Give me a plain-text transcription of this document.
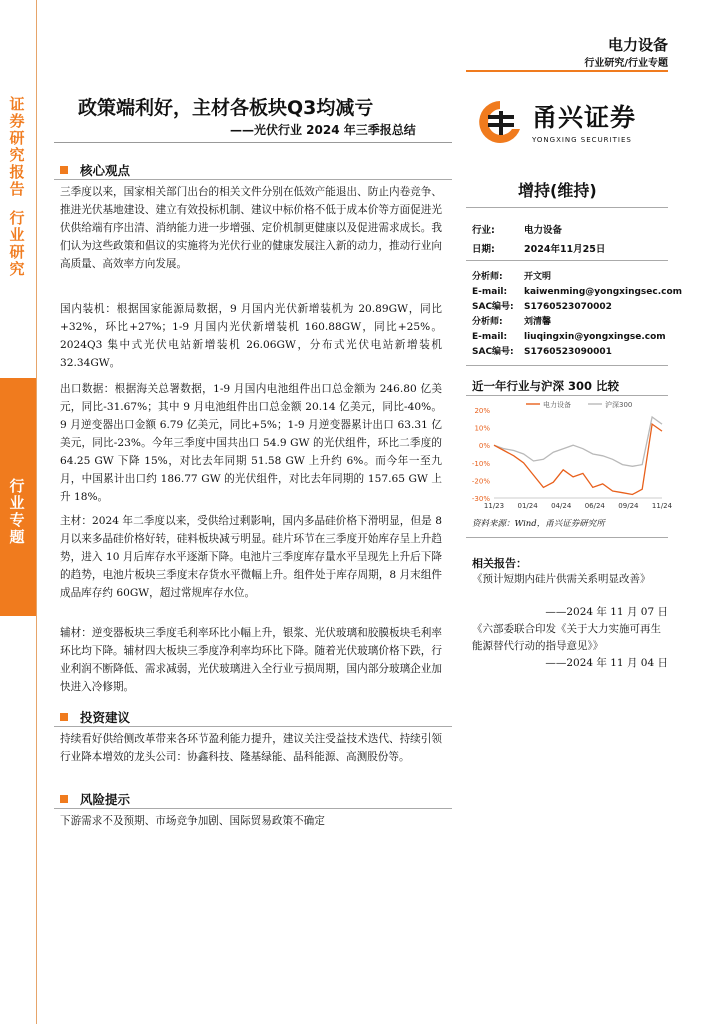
证券研究报告
行业研究
行业专题
电力设备
行业研究/行业专题
政策端利好，主材各板块Q3均减亏
——光伏行业 2024 年三季报总结	甬兴证券
YONGXING SECURITIES
增持(维持)
行业:	电力设备
日期:	2024年11月25日
分析师: 开文明
E-mail: kaiwenming@yongxingsec.com
SAC编号: S1760523070002
分析师: 刘清馨
E-mail: liuqingxin@yongxingse.com
SAC编号: S1760523090001
近一年行业与沪深 300 比较
20%
10%
0%
-10%
-20%
-30%
11/23 01/24 04/24 06/24 09/24 11/24
电力设备	沪深300
资料来源：Wind，甬兴证券研究所
相关报告：
《预计短期内硅片供需关系明显改善》
——2024 年 11 月 07 日
《六部委联合印发《关于大力实施可再生能源替代行动的指导意见》》
——2024 年 11 月 04 日
核心观点
三季度以来，国家相关部门出台的相关文件分别在低效产能退出、防止内卷竞争、推进光伏基地建设、建立有效投标机制、建议中标价格不低于成本价等方面促进光伏供给端有序出清、消纳能力进一步增强、定价机制更健康以及促进需求成长。我们认为这些政策和倡议的实施将为光伏行业的健康发展注入新的动力，推动行业向高质量、高效率方向发展。
国内装机：根据国家能源局数据，9 月国内光伏新增装机为 20.89GW，同比+32%，环比+27%；1-9 月国内光伏新增装机 160.88GW，同比+25%。2024Q3 集中式光伏电站新增装机 26.06GW，分布式光伏电站新增装机 32.34GW。
出口数据：根据海关总署数据，1-9 月国内电池组件出口总金额为 246.80 亿美元，同比-31.67%；其中 9 月电池组件出口总金额 20.14 亿美元，同比-40%。9 月逆变器出口金额 6.79 亿美元，同比+5%；1-9 月逆变器累计出口 63.31 亿美元，同比-23%。今年三季度中国共出口 54.9 GW 的光伏组件，环比二季度的 64.25 GW 下降 15%，对比去年同期 51.58 GW 上升约 6%。而今年一至九月，中国累计出口约 186.77 GW 的光伏组件，对比去年同期的 157.65 GW 上升 18%。
主材：2024 年二季度以来，受供给过剩影响，国内多晶硅价格下滑明显，但是 8 月以来多晶硅价格好转，硅料板块减亏明显。硅片环节在三季度开始库存呈上升趋势，进入 10 月后库存水平逐渐下降。电池片三季度库存量水平呈现先上升后下降的趋势，电池片板块三季度末存货水平微幅上升。组件处于库存周期，8 月末组件成品库存约 60GW，超过常规库存水位。
辅材：逆变器板块三季度毛利率环比小幅上升，银浆、光伏玻璃和胶膜板块毛利率环比均下降。辅材四大板块三季度净利率均环比下降。随着光伏玻璃价格下跌，行业利润不断降低、需求减弱，光伏玻璃进入全行业亏损周期，国内部分玻璃企业加快进入冷修期。
投资建议
持续看好供给侧改革带来各环节盈利能力提升，建议关注受益技术迭代、持续引领行业降本增效的龙头公司：协鑫科技、隆基绿能、晶科能源、高测股份等。
风险提示
下游需求不及预期、市场竞争加剧、国际贸易政策不确定
